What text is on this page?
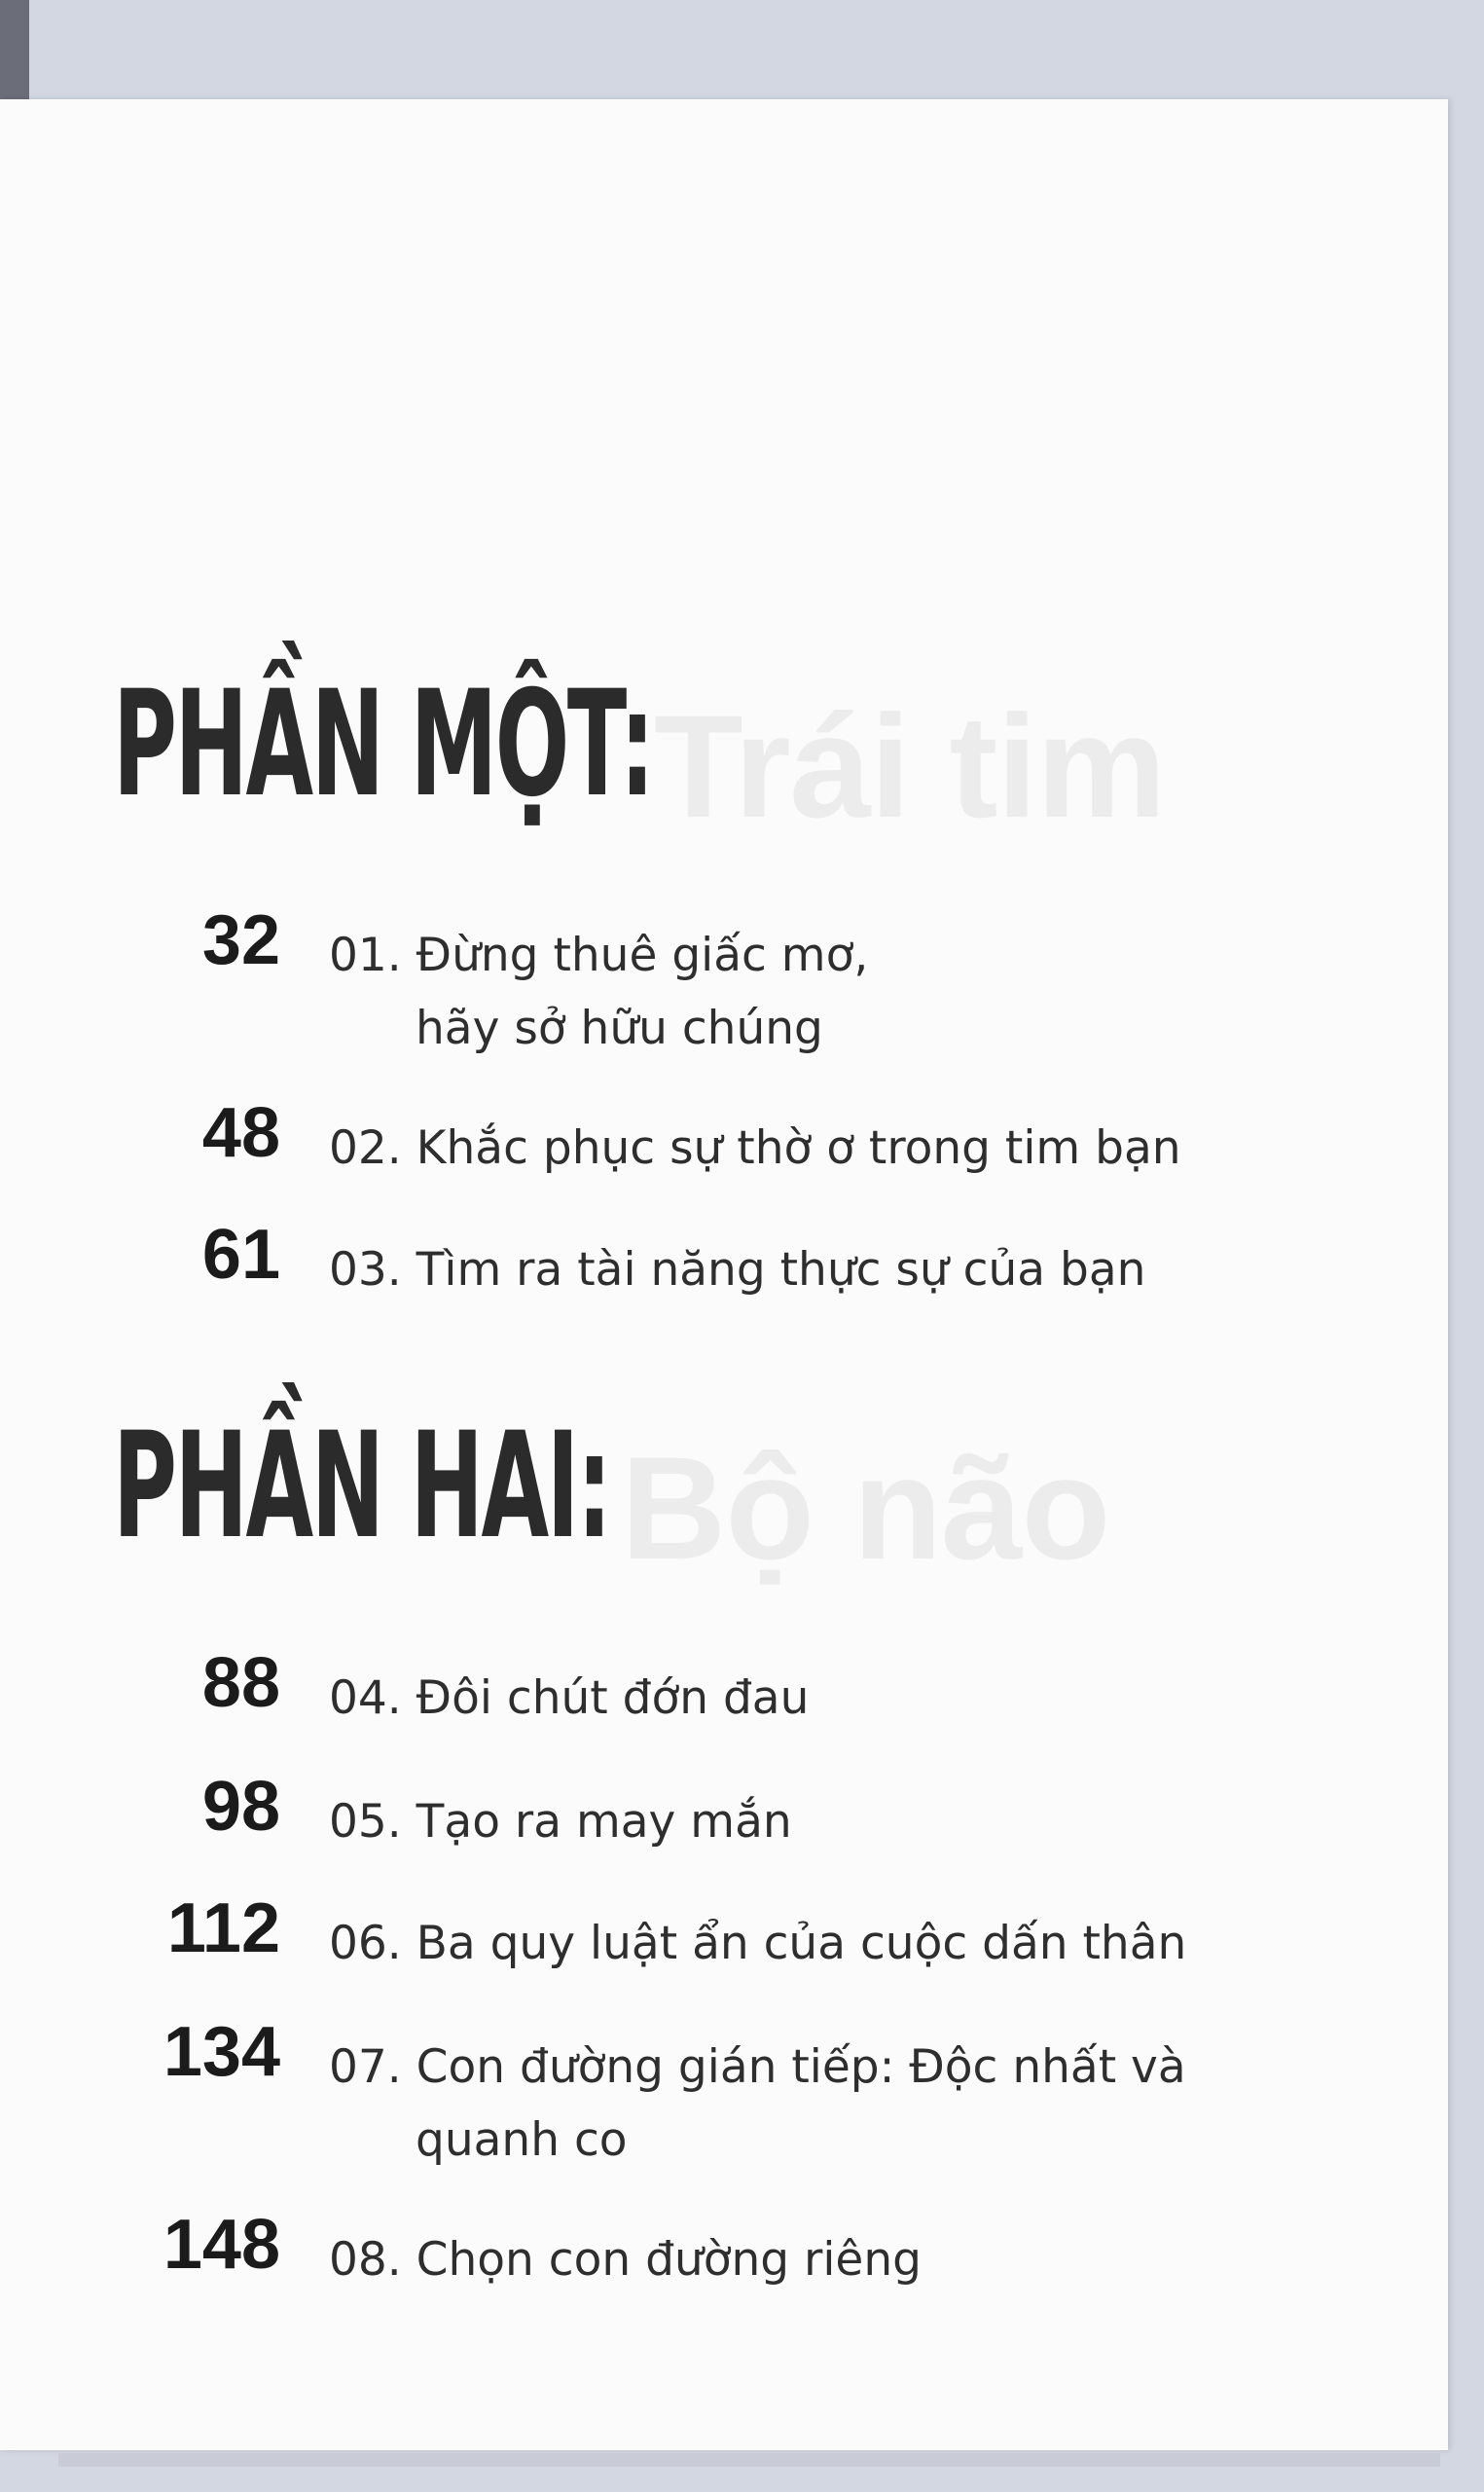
PHẦN MỘT: Trái tim
32 01. Đừng thuê giấc mơ,
hãy sở hữu chúng
48 02. Khắc phục sự thờ ơ trong tim bạn
61 03. Tìm ra tài năng thực sự của bạn
PHẦN HAI: Bộ não
88 04. Đôi chút đớn đau
98 05. Tạo ra may mắn
112 06. Ba quy luật ẩn của cuộc dấn thân
134 07. Con đường gián tiếp: Độc nhất và
quanh co
148 08. Chọn con đường riêng
